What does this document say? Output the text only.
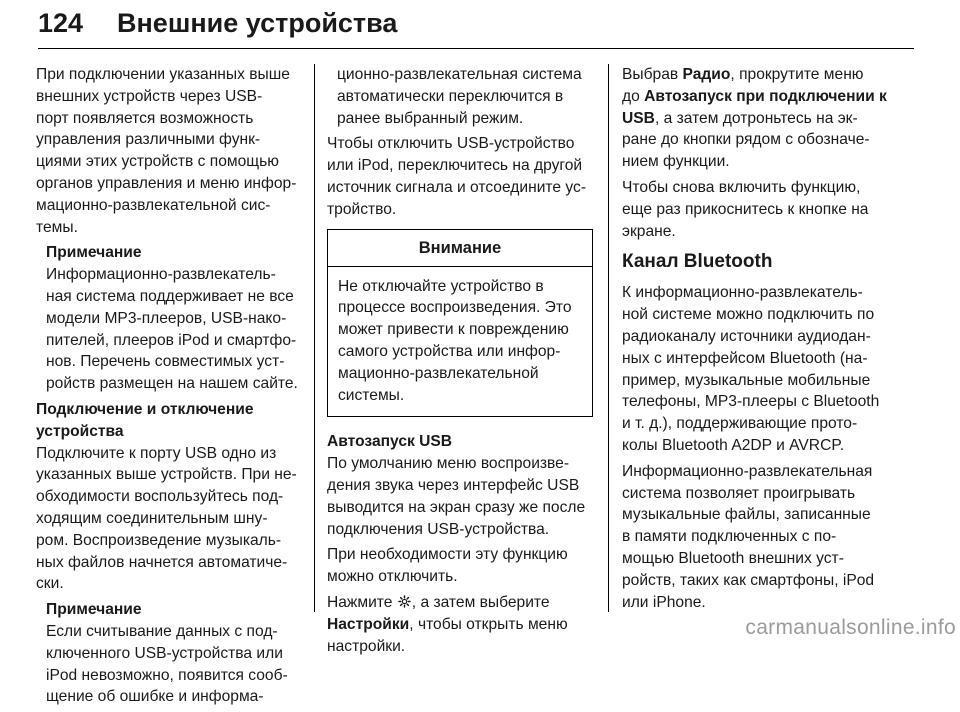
124 Внешние устройства
При подключении указанных выше
внешних устройств через USB-
порт появляется возможность
управления различными функ-
циями этих устройств с помощью
органов управления и меню инфор-
мационно-развлекательной сис-
темы.
Примечание
Информационно-развлекатель-
ная система поддерживает не все
модели MP3-плееров, USB-нако-
пителей, плееров iPod и смартфо-
нов. Перечень совместимых уст-
ройств размещен на нашем сайте.
Подключение и отключение
устройства
Подключите к порту USB одно из
указанных выше устройств. При не-
обходимости воспользуйтесь под-
ходящим соединительным шну-
ром. Воспроизведение музыкаль-
ных файлов начнется автоматиче-
ски.
Примечание
Если считывание данных с под-
ключенного USB-устройства или
iPod невозможно, появится сооб-
щение об ошибке и информа-
ционно-развлекательная система
автоматически переключится в
ранее выбранный режим.
Чтобы отключить USB-устройство
или iPod, переключитесь на другой
источник сигнала и отсоедините ус-
тройство.
Внимание
Не отключайте устройство в
процессе воспроизведения. Это
может привести к повреждению
самого устройства или инфор-
мационно-развлекательной
системы.
Автозапуск USB
По умолчанию меню воспроизве-
дения звука через интерфейс USB
выводится на экран сразу же после
подключения USB-устройства.
При необходимости эту функцию
можно отключить.
Нажмите , а затем выберите
Настройки, чтобы открыть меню
настройки.
Выбрав Радио, прокрутите меню
до Автозапуск при подключении к
USB, а затем дотроньтесь на эк-
ране до кнопки рядом с обозначе-
нием функции.
Чтобы снова включить функцию,
еще раз прикоснитесь к кнопке на
экране.
Канал Bluetooth
К информационно-развлекатель-
ной системе можно подключить по
радиоканалу источники аудиодан-
ных с интерфейсом Bluetooth (на-
пример, музыкальные мобильные
телефоны, MP3-плееры с Bluetooth
и т. д.), поддерживающие прото-
колы Bluetooth A2DP и AVRCP.
Информационно-развлекательная
система позволяет проигрывать
музыкальные файлы, записанные
в памяти подключенных с по-
мощью Bluetooth внешних уст-
ройств, таких как смартфоны, iPod
или iPhone.
carmanualsonline.info
